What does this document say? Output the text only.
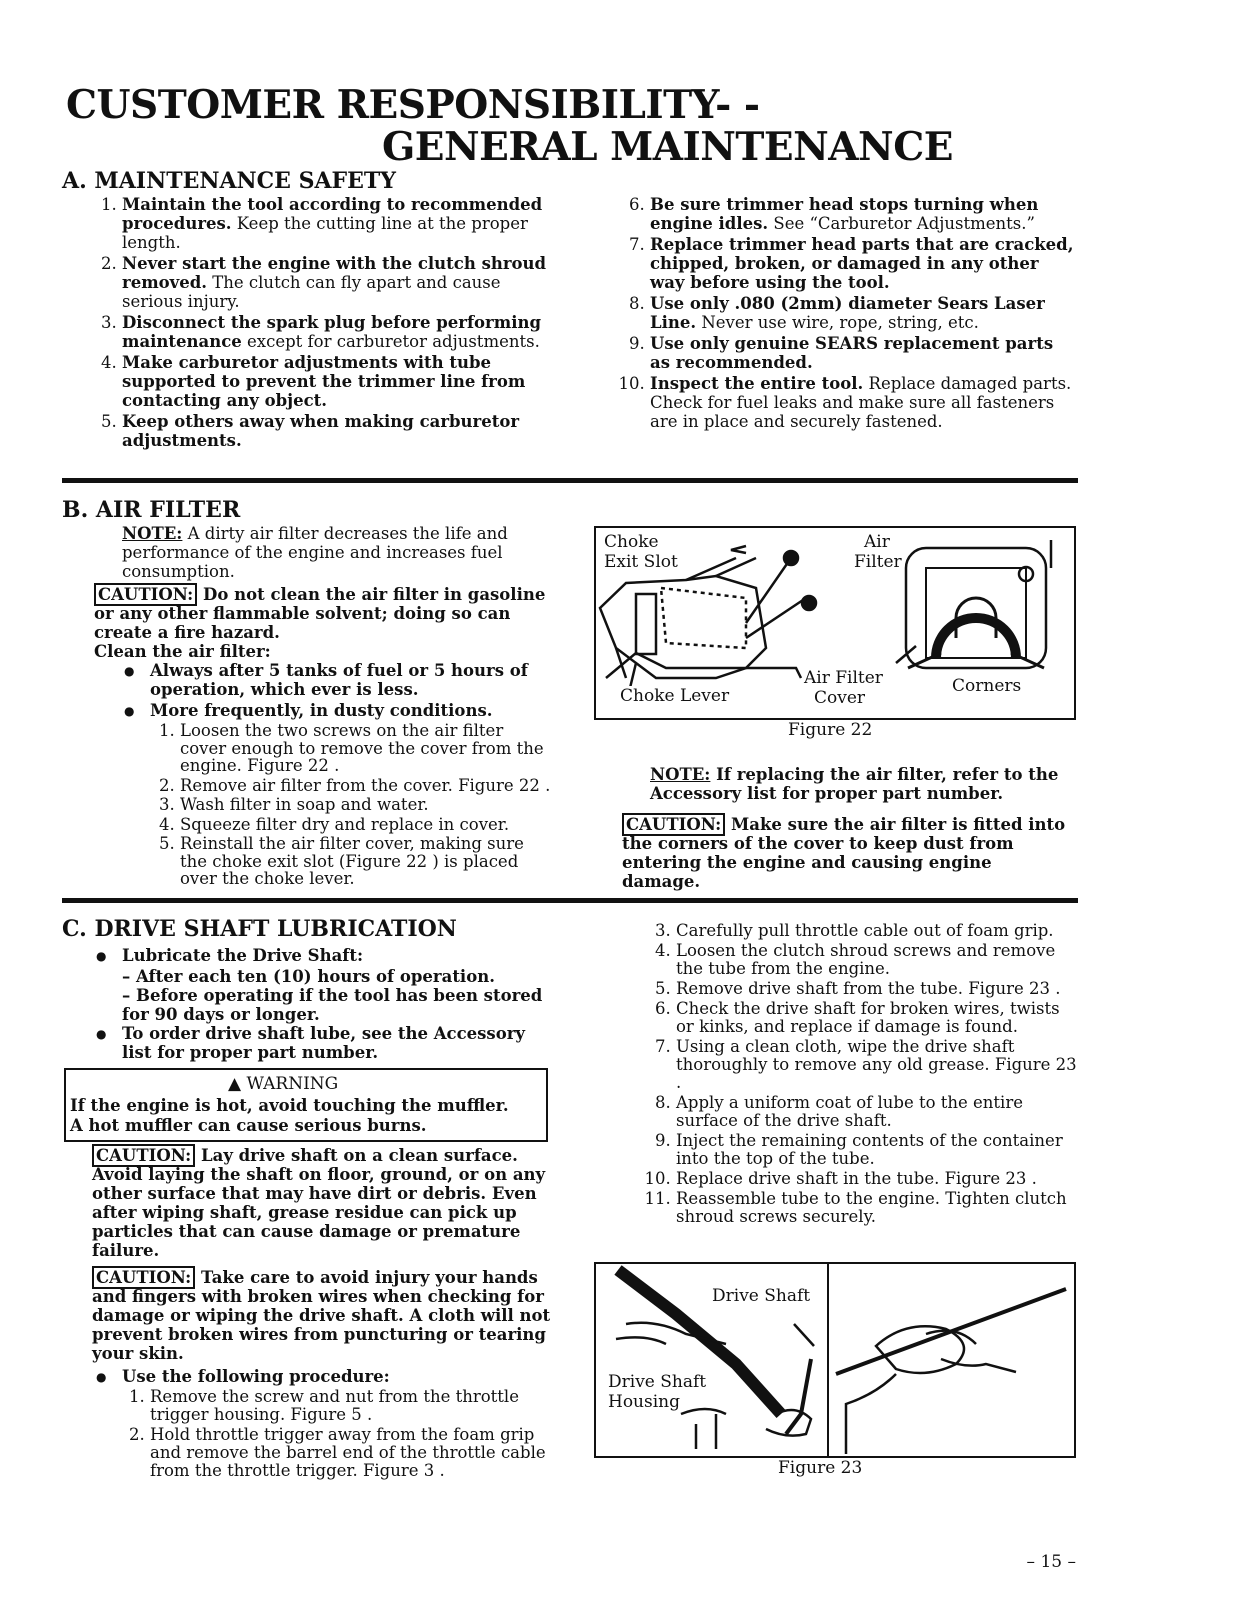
CUSTOMER RESPONSIBILITY- -
GENERAL MAINTENANCE
A. MAINTENANCE SAFETY
1. Maintain the tool according to recommended procedures. Keep the cutting line at the proper length.
2. Never start the engine with the clutch shroud removed. The clutch can fly apart and cause serious injury.
3. Disconnect the spark plug before performing maintenance except for carburetor adjustments.
4. Make carburetor adjustments with tube supported to prevent the trimmer line from contacting any object.
5. Keep others away when making carburetor adjustments.
6. Be sure trimmer head stops turning when engine idles. See “Carburetor Adjustments.”
7. Replace trimmer head parts that are cracked, chipped, broken, or damaged in any other way before using the tool.
8. Use only .080 (2mm) diameter Sears Laser Line. Never use wire, rope, string, etc.
9. Use only genuine SEARS replacement parts as recommended.
10. Inspect the entire tool. Replace damaged parts. Check for fuel leaks and make sure all fasteners are in place and securely fastened.
B. AIR FILTER
NOTE: A dirty air filter decreases the life and performance of the engine and increases fuel consumption.
CAUTION: Do not clean the air filter in gasoline or any other flammable solvent; doing so can create a fire hazard.
Clean the air filter:
● Always after 5 tanks of fuel or 5 hours of operation, which ever is less.
● More frequently, in dusty conditions.
1. Loosen the two screws on the air filter cover enough to remove the cover from the engine. Figure 22 .
2. Remove air filter from the cover. Figure 22 .
3. Wash filter in soap and water.
4. Squeeze filter dry and replace in cover.
5. Reinstall the air filter cover, making sure the choke exit slot (Figure 22 ) is placed over the choke lever.
Choke
Exit Slot
Air
Filter
Choke Lever
Air Filter
Cover
Corners
Figure 22
NOTE: If replacing the air filter, refer to the Accessory list for proper part number.
CAUTION: Make sure the air filter is fitted into the corners of the cover to keep dust from entering the engine and causing engine damage.
C. DRIVE SHAFT LUBRICATION
● Lubricate the Drive Shaft:
– After each ten (10) hours of operation.
– Before operating if the tool has been stored for 90 days or longer.
● To order drive shaft lube, see the Accessory list for proper part number.
▲ WARNING
If the engine is hot, avoid touching the muffler.
A hot muffler can cause serious burns.
CAUTION: Lay drive shaft on a clean surface. Avoid laying the shaft on floor, ground, or on any other surface that may have dirt or debris. Even after wiping shaft, grease residue can pick up particles that can cause damage or premature failure.
CAUTION: Take care to avoid injury your hands and fingers with broken wires when checking for damage or wiping the drive shaft. A cloth will not prevent broken wires from puncturing or tearing your skin.
● Use the following procedure:
1. Remove the screw and nut from the throttle trigger housing. Figure 5 .
2. Hold throttle trigger away from the foam grip and remove the barrel end of the throttle cable from the throttle trigger. Figure 3 .
3. Carefully pull throttle cable out of foam grip.
4. Loosen the clutch shroud screws and remove the tube from the engine.
5. Remove drive shaft from the tube. Figure 23 .
6. Check the drive shaft for broken wires, twists or kinks, and replace if damage is found.
7. Using a clean cloth, wipe the drive shaft thoroughly to remove any old grease. Figure 23 .
8. Apply a uniform coat of lube to the entire surface of the drive shaft.
9. Inject the remaining contents of the container into the top of the tube.
10. Replace drive shaft in the tube. Figure 23 .
11. Reassemble tube to the engine. Tighten clutch shroud screws securely.
Drive Shaft
Drive Shaft
Housing
Figure 23
– 15 –
